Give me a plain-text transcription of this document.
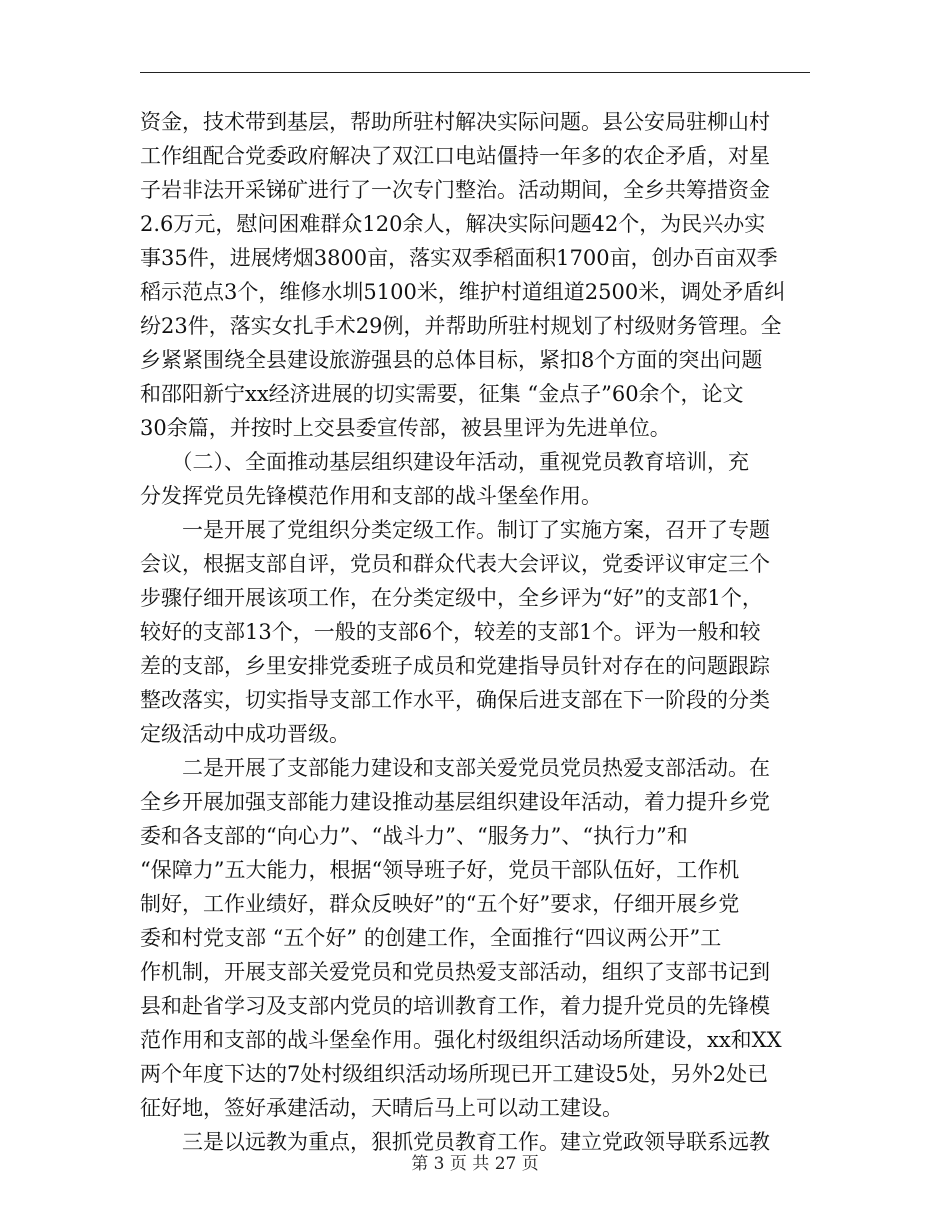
资金，技术带到基层，帮助所驻村解决实际问题。县公安局驻柳山村
工作组配合党委政府解决了双江口电站僵持一年多的农企矛盾，对星
子岩非法开采锑矿进行了一次专门整治。活动期间，全乡共筹措资金
2.6万元，慰问困难群众120余人，解决实际问题42个，为民兴办实
事35件，进展烤烟3800亩，落实双季稻面积1700亩，创办百亩双季
稻示范点3个，维修水圳5100米，维护村道组道2500米，调处矛盾纠
纷23件，落实女扎手术29例，并帮助所驻村规划了村级财务管理。全
乡紧紧围绕全县建设旅游强县的总体目标，紧扣8个方面的突出问题
和邵阳新宁xx经济进展的切实需要，征集 “金点子”60余个，论文
30余篇，并按时上交县委宣传部，被县里评为先进单位。
　　（二）、全面推动基层组织建设年活动，重视党员教育培训，充
分发挥党员先锋模范作用和支部的战斗堡垒作用。
　　一是开展了党组织分类定级工作。制订了实施方案，召开了专题
会议，根据支部自评，党员和群众代表大会评议，党委评议审定三个
步骤仔细开展该项工作，在分类定级中，全乡评为“好”的支部1个，
较好的支部13个，一般的支部6个，较差的支部1个。评为一般和较
差的支部，乡里安排党委班子成员和党建指导员针对存在的问题跟踪
整改落实，切实指导支部工作水平，确保后进支部在下一阶段的分类
定级活动中成功晋级。
　　二是开展了支部能力建设和支部关爱党员党员热爱支部活动。在
全乡开展加强支部能力建设推动基层组织建设年活动，着力提升乡党
委和各支部的“向心力”、“战斗力”、“服务力”、“执行力”和
“保障力”五大能力，根据“领导班子好，党员干部队伍好，工作机
制好，工作业绩好，群众反映好”的“五个好”要求，仔细开展乡党
委和村党支部 “五个好” 的创建工作，全面推行“四议两公开”工
作机制，开展支部关爱党员和党员热爱支部活动，组织了支部书记到
县和赴省学习及支部内党员的培训教育工作，着力提升党员的先锋模
范作用和支部的战斗堡垒作用。强化村级组织活动场所建设，xx和XX
两个年度下达的7处村级组织活动场所现已开工建设5处，另外2处已
征好地，签好承建活动，天晴后马上可以动工建设。
　　三是以远教为重点，狠抓党员教育工作。建立党政领导联系远教
第 3 页 共 27 页
